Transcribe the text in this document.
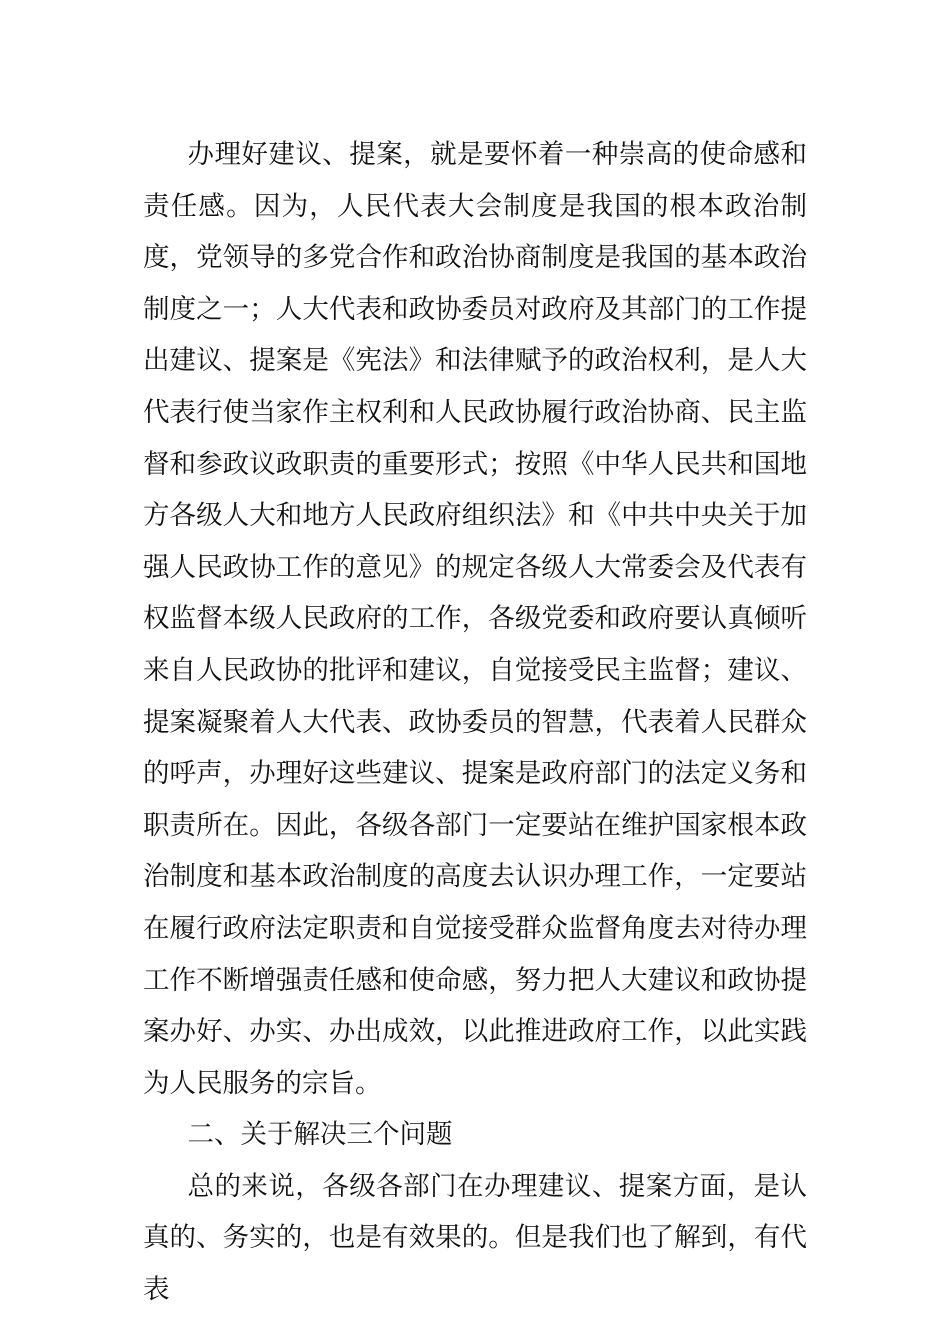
办理好建议、提案，就是要怀着一种崇高的使命感和责任感。因为，人民代表大会制度是我国的根本政治制度，党领导的多党合作和政治协商制度是我国的基本政治制度之一；人大代表和政协委员对政府及其部门的工作提出建议、提案是《宪法》和法律赋予的政治权利，是人大代表行使当家作主权利和人民政协履行政治协商、民主监督和参政议政职责的重要形式；按照《中华人民共和国地方各级人大和地方人民政府组织法》和《中共中央关于加强人民政协工作的意见》的规定各级人大常委会及代表有权监督本级人民政府的工作，各级党委和政府要认真倾听来自人民政协的批评和建议，自觉接受民主监督；建议、提案凝聚着人大代表、政协委员的智慧，代表着人民群众的呼声，办理好这些建议、提案是政府部门的法定义务和职责所在。因此，各级各部门一定要站在维护国家根本政治制度和基本政治制度的高度去认识办理工作，一定要站在履行政府法定职责和自觉接受群众监督角度去对待办理工作不断增强责任感和使命感，努力把人大建议和政协提案办好、办实、办出成效，以此推进政府工作，以此实践为人民服务的宗旨。

二、关于解决三个问题

总的来说，各级各部门在办理建议、提案方面，是认真的、务实的，也是有效果的。但是我们也了解到，有代表
